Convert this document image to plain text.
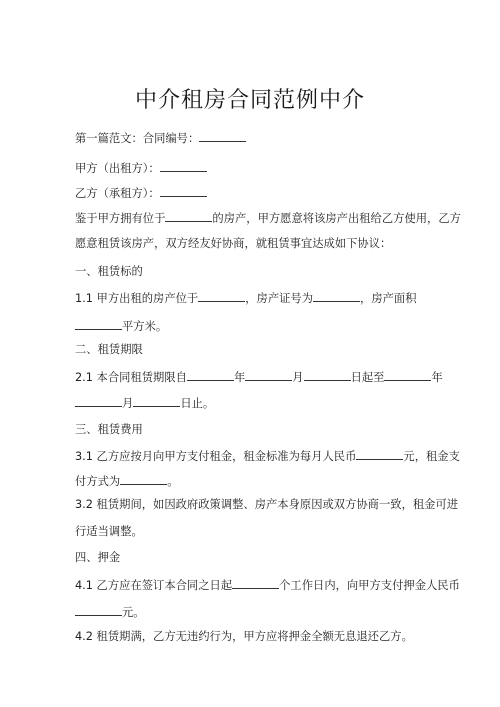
中介租房合同范例中介
第一篇范文：合同编号：
甲方（出租方）：
乙方（承租方）：
鉴于甲方拥有位于	的房产，甲方愿意将该房产出租给乙方使用，乙方
愿意租赁该房产，双方经友好协商，就租赁事宜达成如下协议：
一、租赁标的
1.1 甲方出租的房产位于	，房产证号为	，房产面积
平方米。
二、租赁期限
2.1 本合同租赁期限自	年	月	日起至	年
月	日止。
三、租赁费用
3.1 乙方应按月向甲方支付租金，租金标准为每月人民币	元，租金支
付方式为	。
3.2 租赁期间，如因政府政策调整、房产本身原因或双方协商一致，租金可进
行适当调整。
四、押金
4.1 乙方应在签订本合同之日起	个工作日内，向甲方支付押金人民币
元。
4.2 租赁期满，乙方无违约行为，甲方应将押金全额无息退还乙方。
